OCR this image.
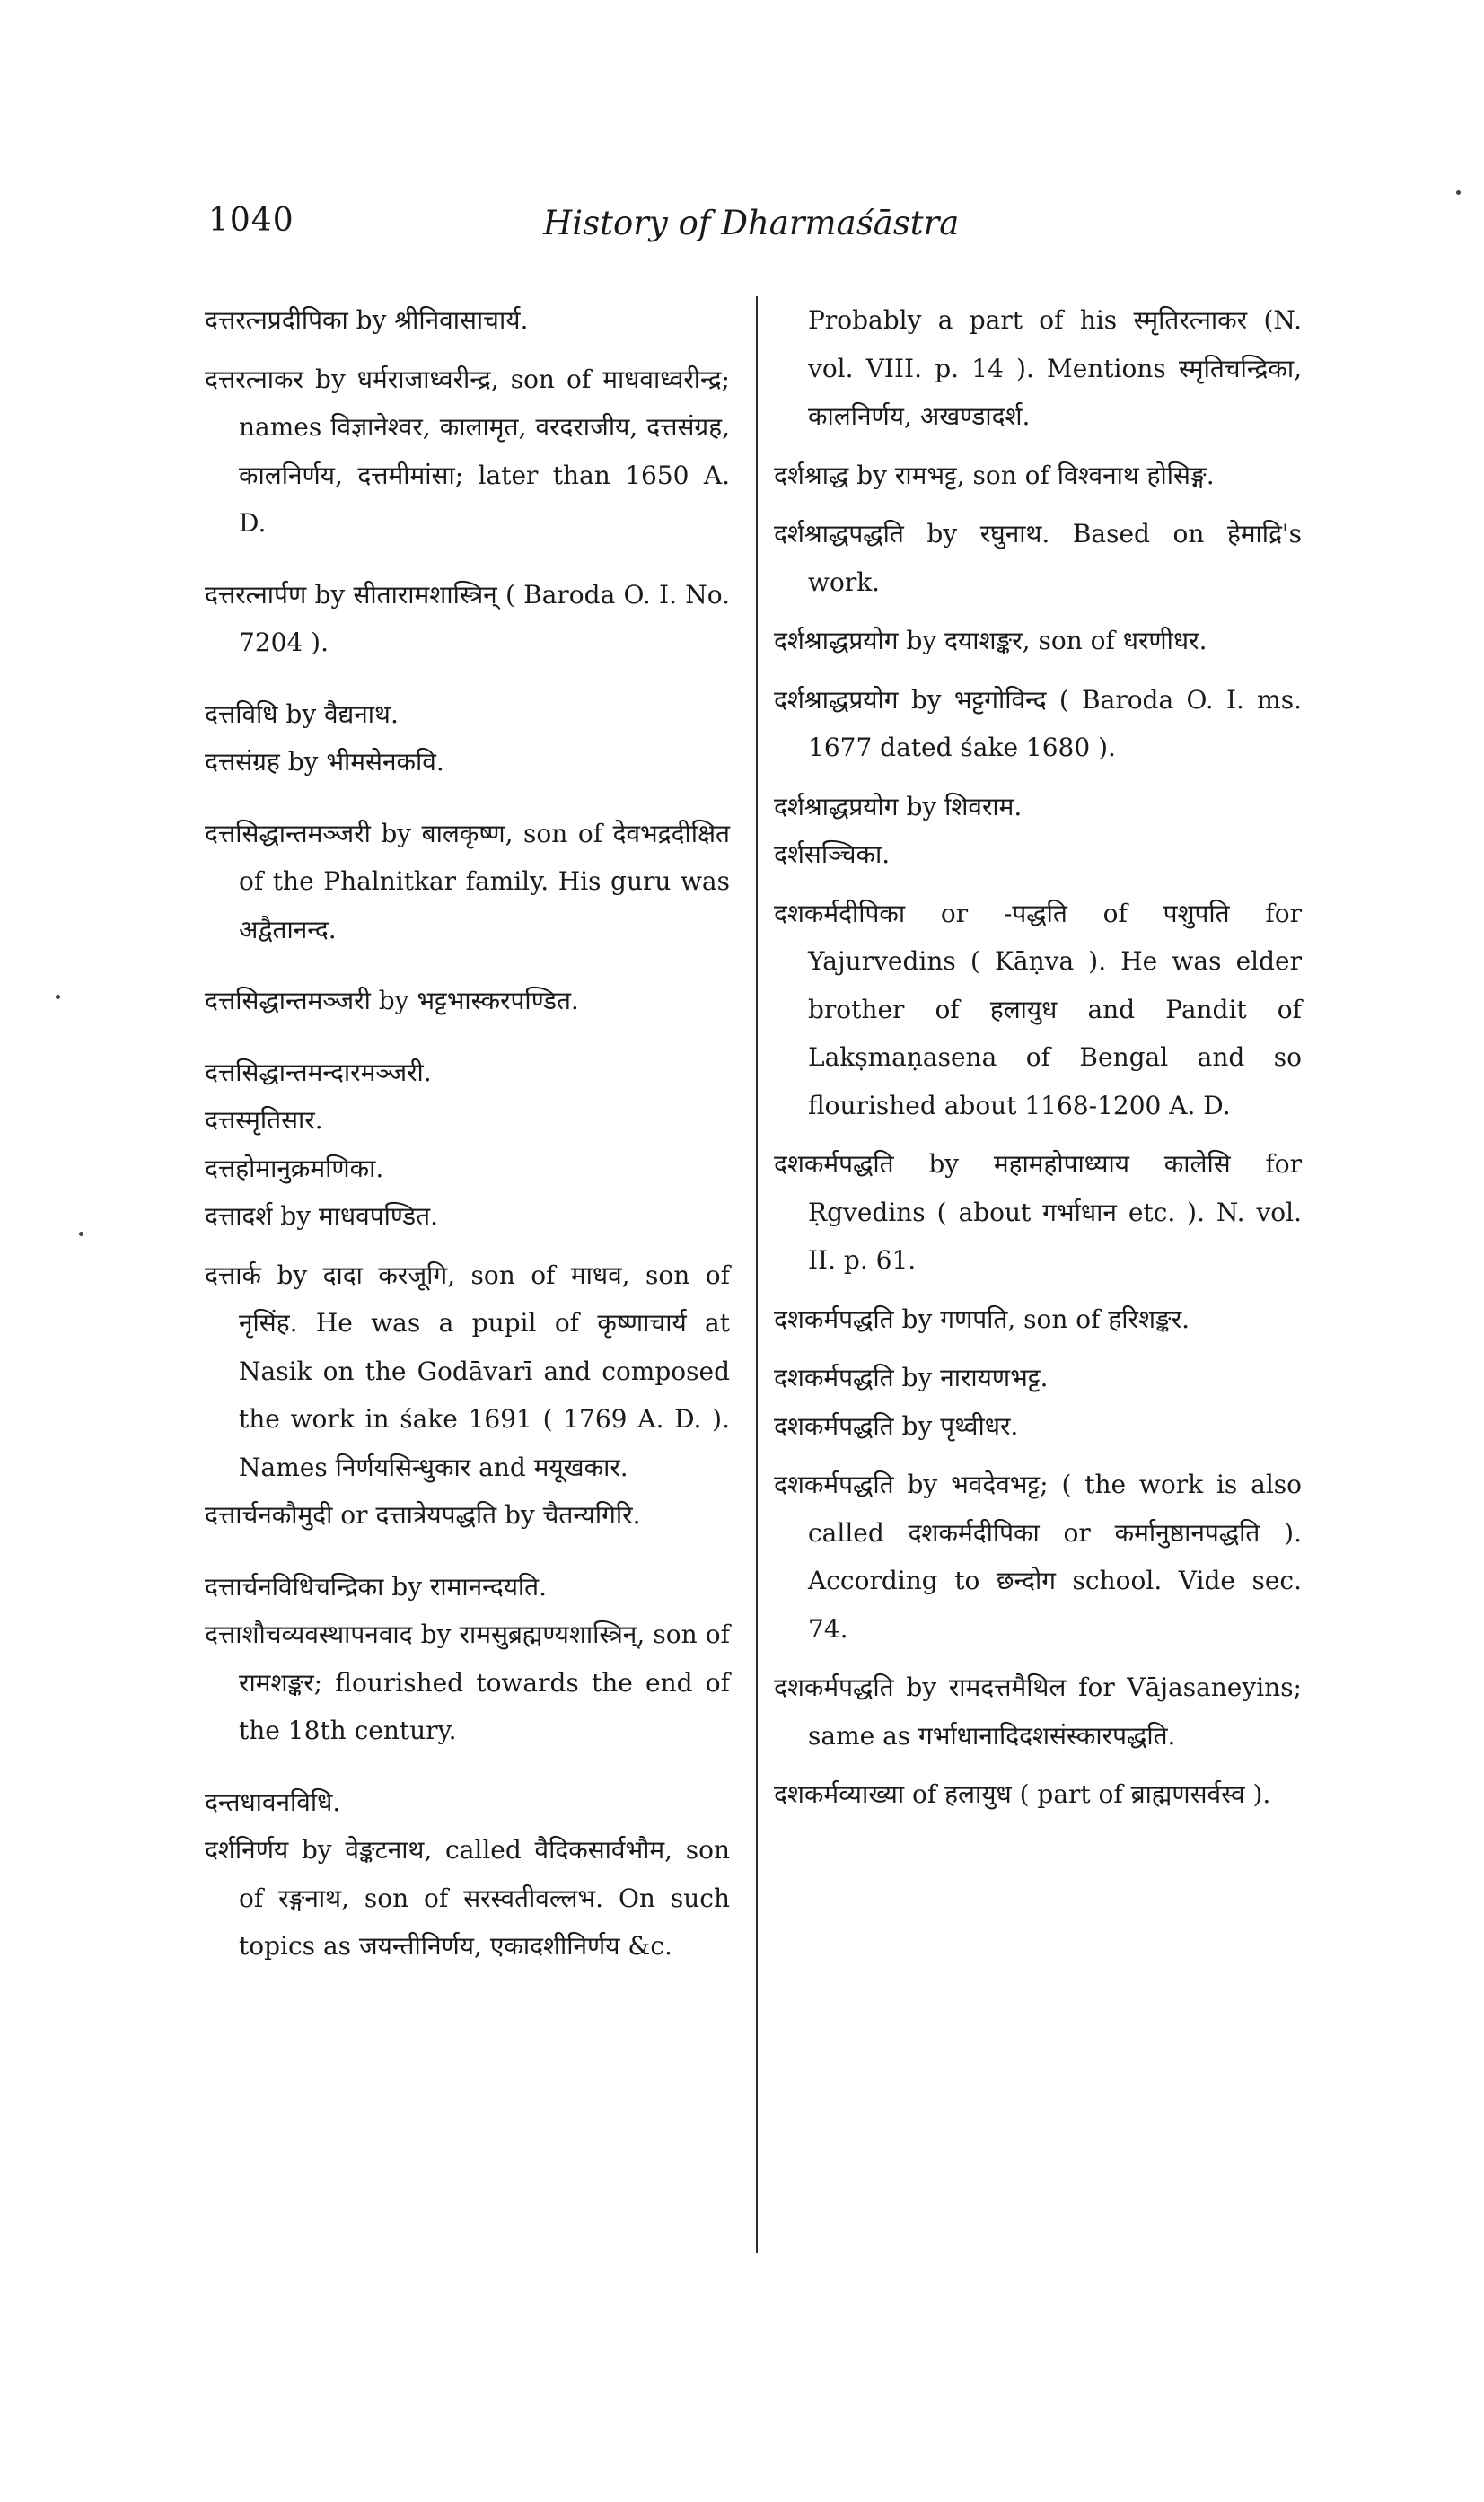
1040	History of Dharmaśāstra

दत्तरत्नप्रदीपिका by श्रीनिवासाचार्य.

दत्तरत्नाकर by धर्मराजाध्वरीन्द्र, son of माधवाध्वरीन्द्र; names विज्ञानेश्वर, कालामृत, वरदराजीय, दत्तसंग्रह, कालनिर्णय, दत्तमीमांसा; later than 1650 A. D.

दत्तरत्नार्पण by सीतारामशास्त्रिन् ( Baroda O. I. No. 7204 ).

दत्तविधि by वैद्यनाथ.

दत्तसंग्रह by भीमसेनकवि.

दत्तसिद्धान्तमञ्जरी by बालकृष्ण, son of देवभद्रदीक्षित of the Phalnitkar family. His guru was अद्वैतानन्द.

दत्तसिद्धान्तमञ्जरी by भट्टभास्करपण्डित.

दत्तसिद्धान्तमन्दारमञ्जरी.

दत्तस्मृतिसार.

दत्तहोमानुक्रमणिका.

दत्तादर्श by माधवपण्डित.

दत्तार्क by दादा करजूगि, son of माधव, son of नृसिंह. He was a pupil of कृष्णाचार्य at Nasik on the Godāvarī and composed the work in śake 1691 ( 1769 A. D. ). Names निर्णयसिन्धुकार and मयूखकार.

दत्तार्चनकौमुदी or दत्तात्रेयपद्धति by चैतन्यगिरि.

दत्तार्चनविधिचन्द्रिका by रामानन्दयति.

दत्ताशौचव्यवस्थापनवाद by रामसुब्रह्मण्यशास्त्रिन्, son of रामशङ्कर; flourished towards the end of the 18th century.

दन्तधावनविधि.

दर्शनिर्णय by वेङ्कटनाथ, called वैदिकसार्वभौम, son of रङ्गनाथ, son of सरस्वतीवल्लभ. On such topics as जयन्तीनिर्णय, एकादशीनिर्णय &c.

Probably a part of his स्मृतिरत्नाकर (N. vol. VIII. p. 14 ). Mentions स्मृतिचन्द्रिका, कालनिर्णय, अखण्डादर्श.

दर्शश्राद्ध by रामभट्ट, son of विश्वनाथ होसिङ्ग.

दर्शश्राद्धपद्धति by रघुनाथ. Based on हेमाद्रि's work.

दर्शश्राद्धप्रयोग by दयाशङ्कर, son of धरणीधर.

दर्शश्राद्धप्रयोग by भट्टगोविन्द ( Baroda O. I. ms. 1677 dated śake 1680 ).

दर्शश्राद्धप्रयोग by शिवराम.

दर्शसञ्चिका.

दशकर्मदीपिका or -पद्धति of पशुपति for Yajurvedins ( Kāṇva ). He was elder brother of हलायुध and Pandit of Lakṣmaṇasena of Bengal and so flourished about 1168-1200 A. D.

दशकर्मपद्धति by महामहोपाध्याय कालेसि for Ṛgvedins ( about गर्भाधान etc. ). N. vol. II. p. 61.

दशकर्मपद्धति by गणपति, son of हरिशङ्कर.

दशकर्मपद्धति by नारायणभट्ट.

दशकर्मपद्धति by पृथ्वीधर.

दशकर्मपद्धति by भवदेवभट्ट; ( the work is also called दशकर्मदीपिका or कर्मानुष्ठानपद्धति ). According to छन्दोग school. Vide sec. 74.

दशकर्मपद्धति by रामदत्तमैथिल for Vājasaneyins; same as गर्भाधानादिदशसंस्कारपद्धति.

दशकर्मव्याख्या of हलायुध ( part of ब्राह्मणसर्वस्व ).
